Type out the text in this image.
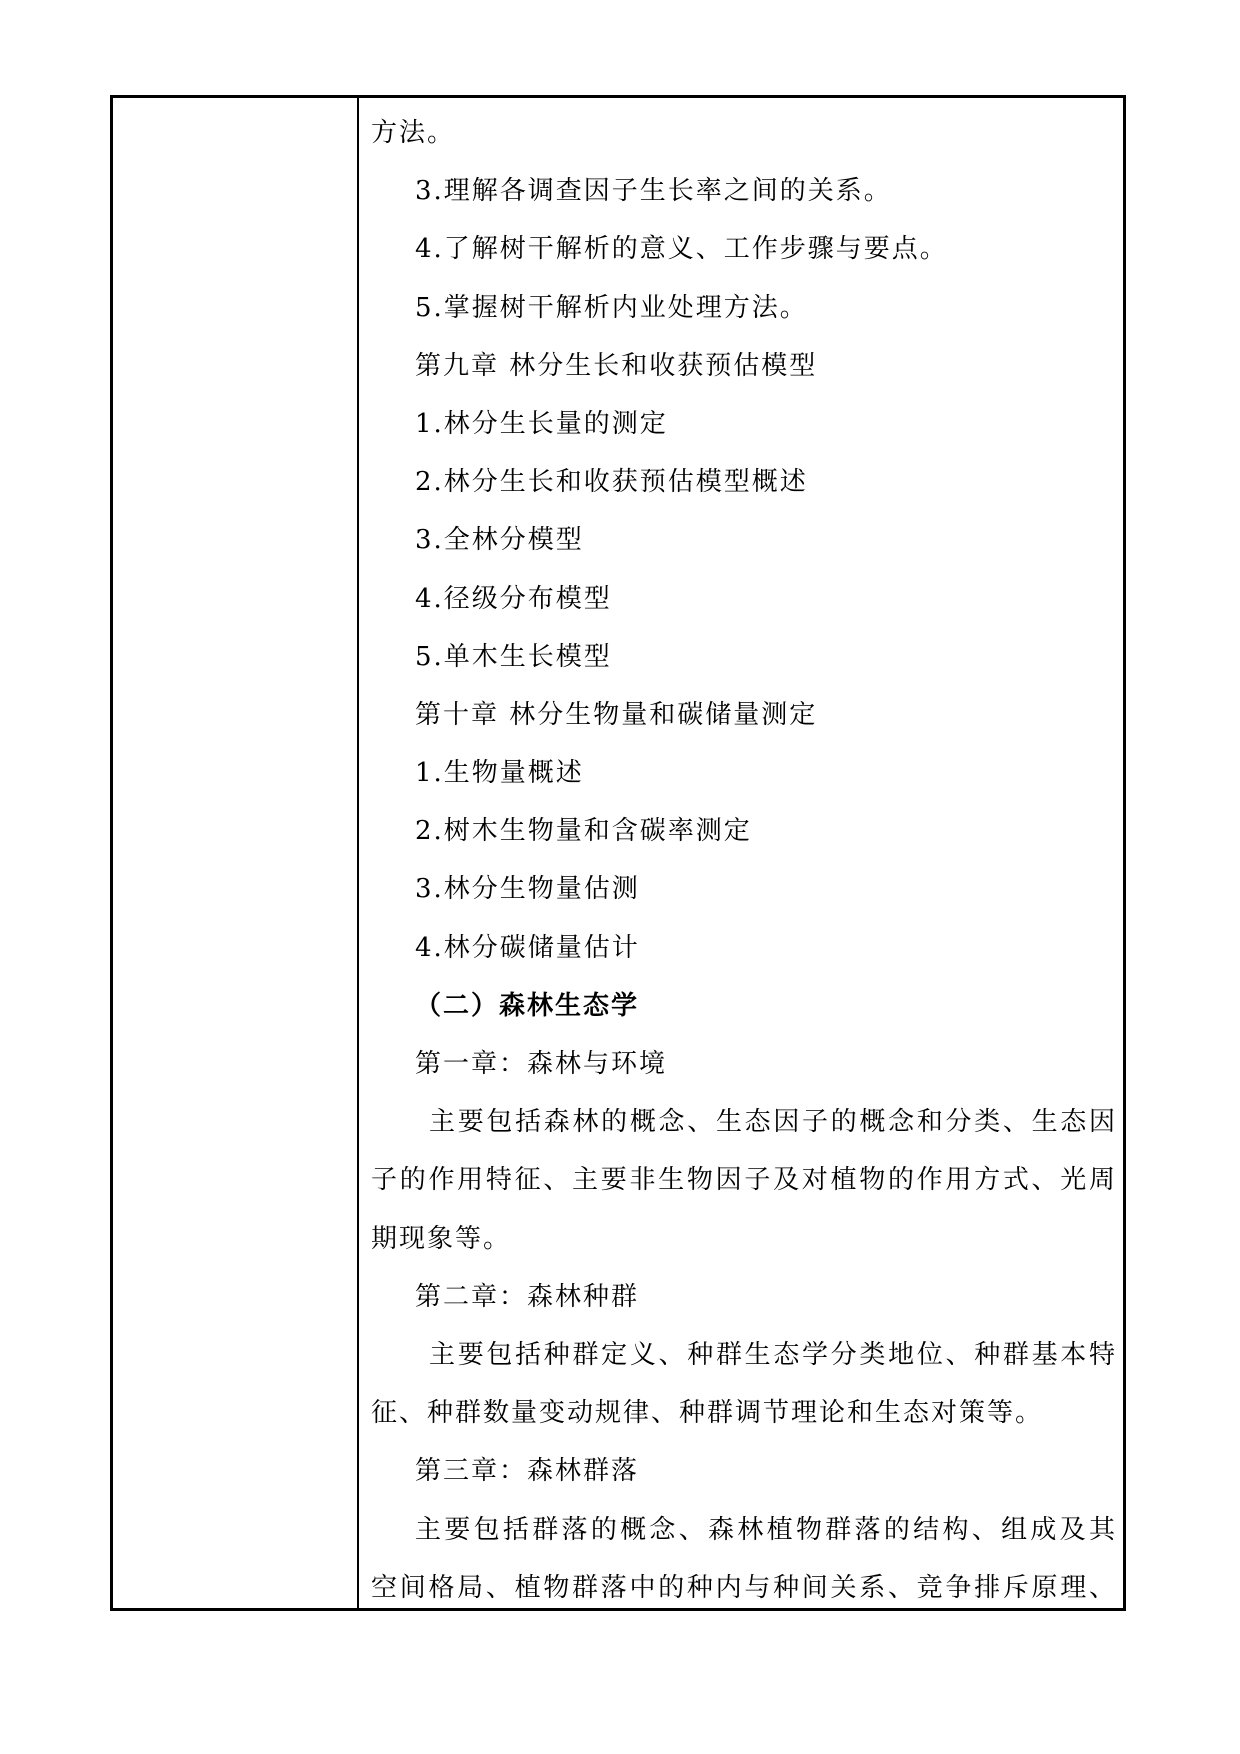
方法。
3.理解各调查因子生长率之间的关系。
4.了解树干解析的意义、工作步骤与要点。
5.掌握树干解析内业处理方法。
第九章 林分生长和收获预估模型
1.林分生长量的测定
2.林分生长和收获预估模型概述
3.全林分模型
4.径级分布模型
5.单木生长模型
第十章 林分生物量和碳储量测定
1.生物量概述
2.树木生物量和含碳率测定
3.林分生物量估测
4.林分碳储量估计
（二）森林生态学
第一章：森林与环境
主要包括森林的概念、生态因子的概念和分类、生态因
子的作用特征、主要非生物因子及对植物的作用方式、光周
期现象等。
第二章：森林种群
主要包括种群定义、种群生态学分类地位、种群基本特
征、种群数量变动规律、种群调节理论和生态对策等。
第三章：森林群落
主要包括群落的概念、森林植物群落的结构、组成及其
空间格局、植物群落中的种内与种间关系、竞争排斥原理、
